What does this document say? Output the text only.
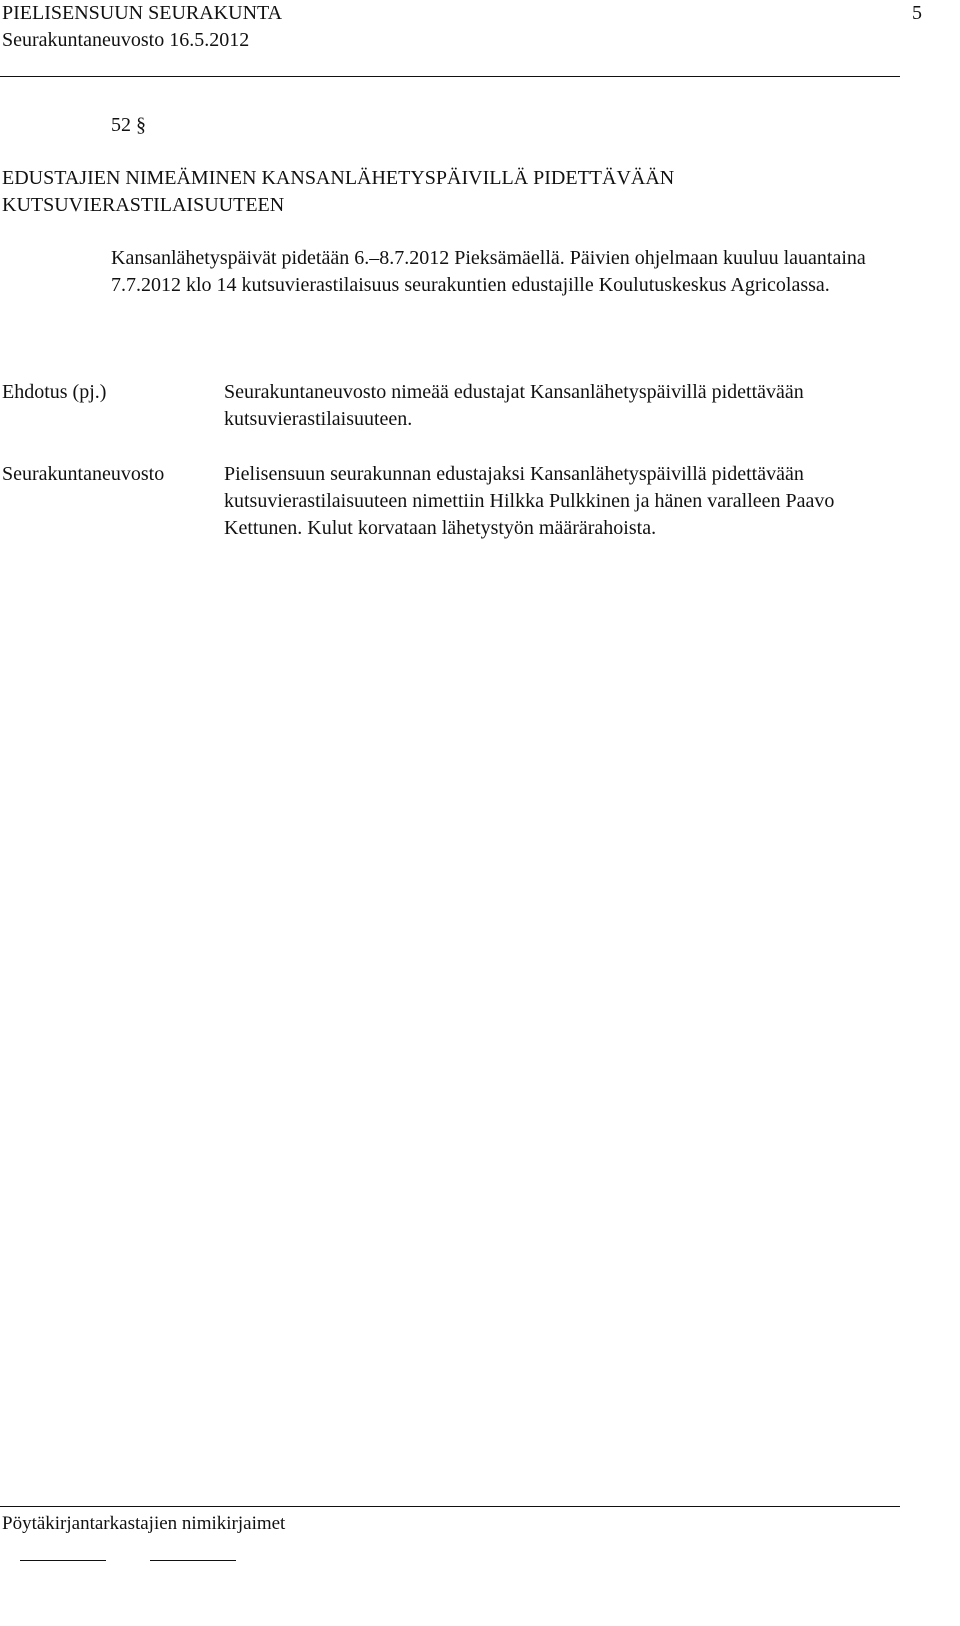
PIELISENSUUN SEURAKUNTA
Seurakuntaneuvosto 16.5.2012
5
52 §
EDUSTAJIEN NIMEÄMINEN KANSANLÄHETYSPÄIVILLÄ PIDETTÄVÄÄN KUTSUVIERASTILAISUUTEEN
Kansanlähetyspäivät pidetään 6.–8.7.2012 Pieksämäellä. Päivien ohjelmaan kuuluu lauantaina 7.7.2012 klo 14 kutsuvierastilaisuus seurakuntien edustajille Koulutuskeskus Agricolassa.
Ehdotus (pj.)	Seurakuntaneuvosto nimeää edustajat Kansanlähetyspäivillä pidettävään kutsuvierastilaisuuteen.
Seurakuntaneuvosto	Pielisensuun seurakunnan edustajaksi Kansanlähetyspäivillä pidettävään kutsuvierastilaisuuteen nimettiin Hilkka Pulkkinen ja hänen varalleen Paavo Kettunen. Kulut korvataan lähetystyön määrärahoista.
Pöytäkirjantarkastajien nimikirjaimet
